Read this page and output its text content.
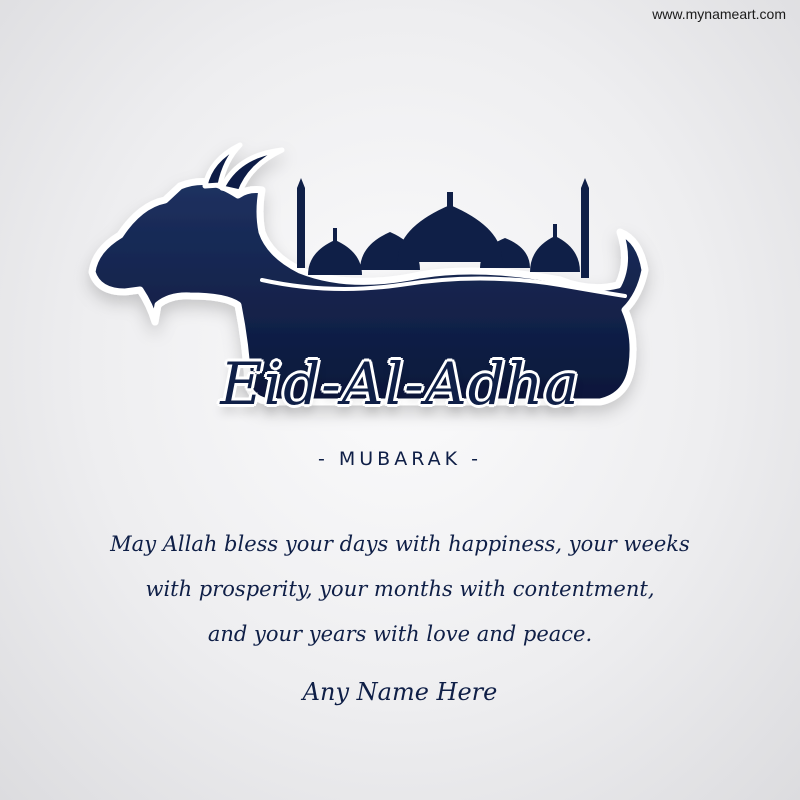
www.mynameart.com
Eid-Al-Adha
- MUBARAK -
May Allah bless your days with happiness, your weeks
with prosperity, your months with contentment,
and your years with love and peace.
Any Name Here
